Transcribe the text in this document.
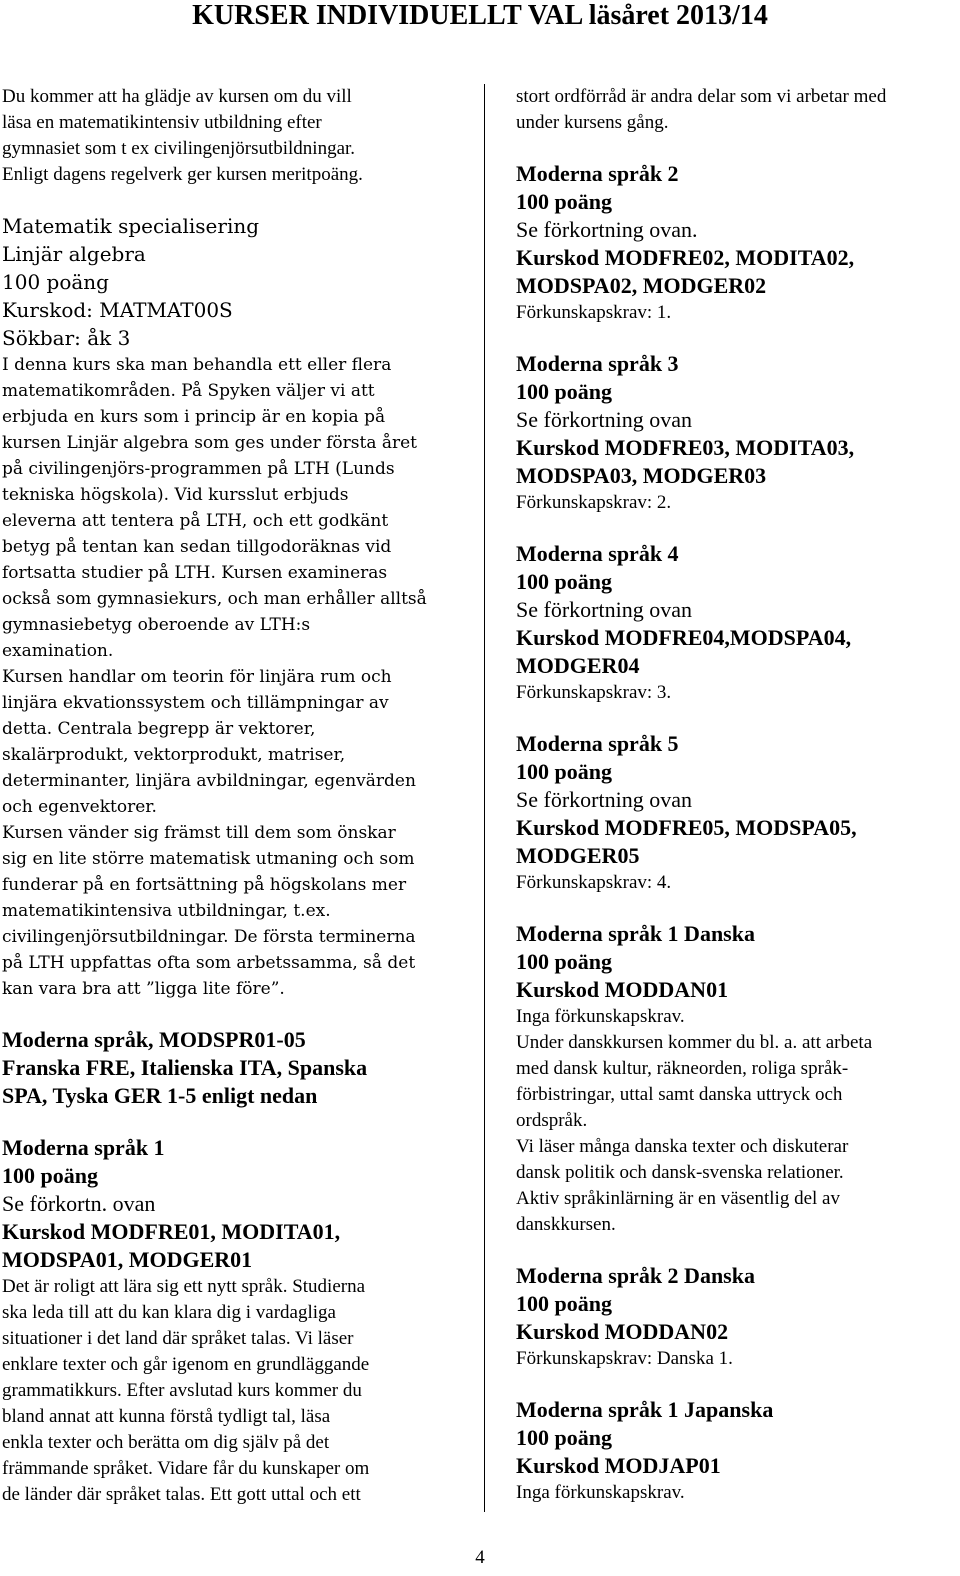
KURSER INDIVIDUELLT VAL läsåret 2013/14
Du kommer att ha glädje av kursen om du vill
läsa en matematikintensiv utbildning efter
gymnasiet som t ex civilingenjörsutbildningar.
Enligt dagens regelverk ger kursen meritpoäng.
Matematik specialisering
Linjär algebra
100 poäng
Kurskod: MATMAT00S
Sökbar: åk 3
I denna kurs ska man behandla ett eller flera
matematikområden. På Spyken väljer vi att
erbjuda en kurs som i princip är en kopia på
kursen Linjär algebra som ges under första året
på civilingenjörs-programmen på LTH (Lunds
tekniska högskola). Vid kursslut erbjuds
eleverna att tentera på LTH, och ett godkänt
betyg på tentan kan sedan tillgodoräknas vid
fortsatta studier på LTH. Kursen examineras
också som gymnasiekurs, och man erhåller alltså
gymnasiebetyg oberoende av LTH:s
examination.
Kursen handlar om teorin för linjära rum och
linjära ekvationssystem och tillämpningar av
detta. Centrala begrepp är vektorer,
skalärprodukt, vektorprodukt, matriser,
determinanter, linjära avbildningar, egenvärden
och egenvektorer.
Kursen vänder sig främst till dem som önskar
sig en lite större matematisk utmaning och som
funderar på en fortsättning på högskolans mer
matematikintensiva utbildningar, t.ex.
civilingenjörsutbildningar. De första terminerna
på LTH uppfattas ofta som arbetssamma, så det
kan vara bra att ”ligga lite före”.
Moderna språk, MODSPR01-05
Franska FRE, Italienska ITA, Spanska
SPA, Tyska GER 1-5 enligt nedan
Moderna språk 1
100 poäng
Se förkortn. ovan
Kurskod MODFRE01, MODITA01,
MODSPA01, MODGER01
Det är roligt att lära sig ett nytt språk. Studierna
ska leda till att du kan klara dig i vardagliga
situationer i det land där språket talas. Vi läser
enklare texter och går igenom en grundläggande
grammatikkurs. Efter avslutad kurs kommer du
bland annat att kunna förstå tydligt tal, läsa
enkla texter och berätta om dig själv på det
främmande språket. Vidare får du kunskaper om
de länder där språket talas. Ett gott uttal och ett
stort ordförråd är andra delar som vi arbetar med
under kursens gång.
Moderna språk 2
100 poäng
Se förkortning ovan.
Kurskod MODFRE02, MODITA02,
MODSPA02, MODGER02
Förkunskapskrav: 1.
Moderna språk 3
100 poäng
Se förkortning ovan
Kurskod MODFRE03, MODITA03,
MODSPA03, MODGER03
Förkunskapskrav: 2.
Moderna språk 4
100 poäng
Se förkortning ovan
Kurskod MODFRE04,MODSPA04,
MODGER04
Förkunskapskrav: 3.
Moderna språk 5
100 poäng
Se förkortning ovan
Kurskod MODFRE05, MODSPA05,
MODGER05
Förkunskapskrav: 4.
Moderna språk 1 Danska
100 poäng
Kurskod MODDAN01
Inga förkunskapskrav.
Under danskkursen kommer du bl. a. att arbeta
med dansk kultur, räkneorden, roliga språk-
förbistringar, uttal samt danska uttryck och
ordspråk.
Vi läser många danska texter och diskuterar
dansk politik och dansk-svenska relationer.
Aktiv språkinlärning är en väsentlig del av
danskkursen.
Moderna språk 2 Danska
100 poäng
Kurskod MODDAN02
Förkunskapskrav: Danska 1.
Moderna språk 1 Japanska
100 poäng
Kurskod MODJAP01
Inga förkunskapskrav.
4
